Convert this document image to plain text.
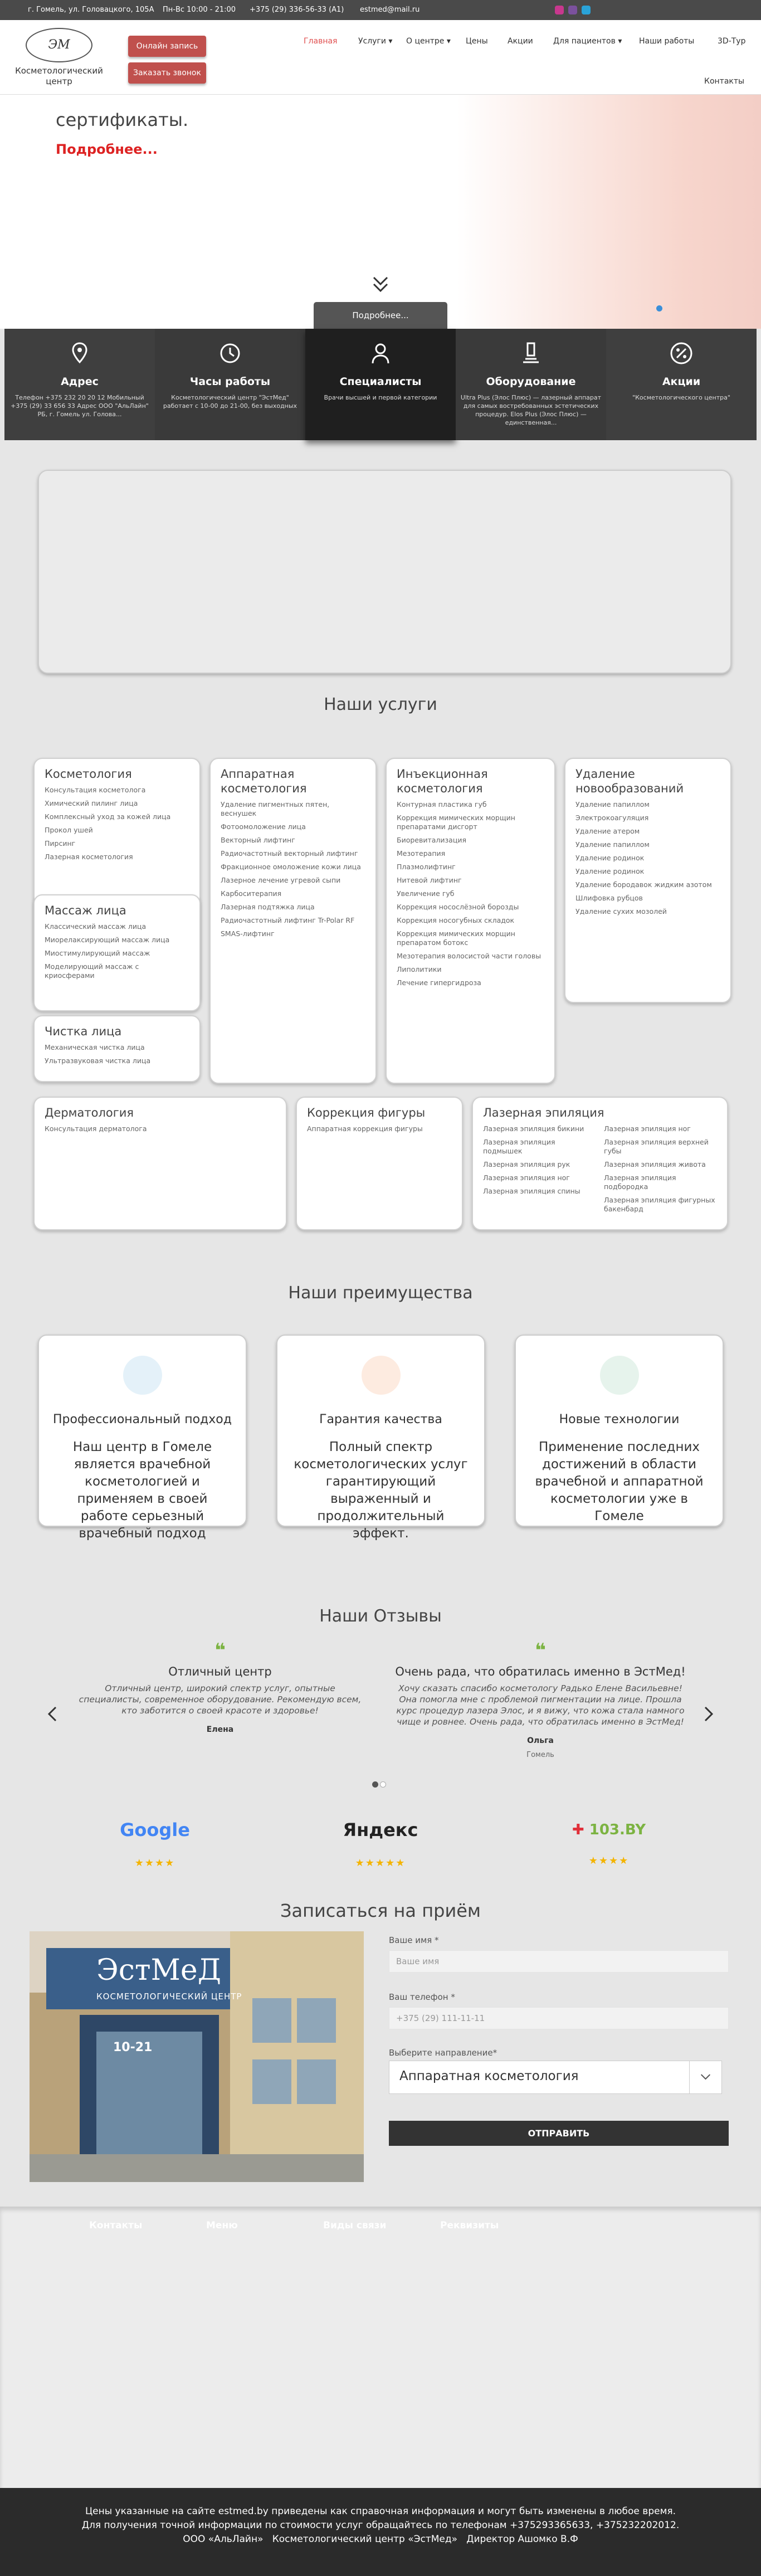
г. Гомель, ул. Головацкого, 105А Пн-Вс 10:00 - 21:00 +375 (29) 336-56-33 (A1) estmed@mail.ru
ЭМ
Косметологический центр
Онлайн запись
Заказать звонок
Главная	Услуги ▾ О центре ▾ Цены	Акции	Для пациентов ▾ Наши работы	3D-Тур
Контакты
сертификаты.
Подробнее...
Подробнее...
Адрес
Телефон +375 232 20 20 12 Мобильный +375 (29) 33 656 33 Адрес ООО "АльЛайн" РБ, г. Гомель ул. Голова...
Часы работы
Косметологический центр "ЭстМед" работает с 10-00 до 21-00, без выходных
Специалисты
Врачи высшей и первой категории
Оборудование
Ultra Plus (Элос Плюс) — лазерный аппарат для самых востребованных эстетических процедур. Elos Plus (Элос Плюс) — единственная...
Акции
"Косметологического центра"
Наши услуги
Косметология
Консультация косметолога
Химический пилинг лица
Комплексный уход за кожей лица
Прокол ушей
Пирсинг
Лазерная косметология
Массаж лица
Классический массаж лица
Миорелаксирующий массаж лица
Миостимулирующий массаж
Моделирующий массаж с криосферами
Чистка лица
Механическая чистка лица
Ультразвуковая чистка лица
Аппаратная косметология
Удаление пигментных пятен, веснушек
Фотоомоложение лица
Векторный лифтинг
Радиочастотный векторный лифтинг
Фракционное омоложение кожи лица
Лазерное лечение угревой сыпи
Карбоситерапия
Лазерная подтяжка лица
Радиочастотный лифтинг Tr-Polar RF
SMAS-лифтинг
Инъекционная косметология
Контурная пластика губ
Коррекция мимических морщин препаратами дисгорт
Биоревитализация
Мезотерапия
Плазмолифтинг
Нитевой лифтинг
Увеличение губ
Коррекция носослёзной борозды
Коррекция носогубных складок
Коррекция мимических морщин препаратом ботокс
Мезотерапия волосистой части головы
Липолитики
Лечение гипергидроза
Удаление новообразований
Удаление папиллом
Электрокоагуляция
Удаление атером
Удаление папиллом
Удаление родинок
Удаление родинок
Удаление бородавок жидким азотом
Шлифовка рубцов
Удаление сухих мозолей
Дерматология
Консультация дерматолога
Коррекция фигуры
Аппаратная коррекция фигуры
Лазерная эпиляция
Лазерная эпиляция бикини
Лазерная эпиляция подмышек
Лазерная эпиляция рук
Лазерная эпиляция ног
Лазерная эпиляция спины
Лазерная эпиляция ног
Лазерная эпиляция верхней губы
Лазерная эпиляция живота
Лазерная эпиляция подбородка
Лазерная эпиляция фигурных бакенбард
Наши преимущества
Профессиональный подход
Наш центр в Гомеле является врачебной косметологией и применяем в своей работе серьезный врачебный подход
Гарантия качества
Полный спектр косметологических услуг гарантирующий выраженный и продолжительный эффект.
Новые технологии
Применение последних достижений в области врачебной и аппаратной косметологии уже в Гомеле
Наши Отзывы
❝
Отличный центр
Отличный центр, широкий спектр услуг, опытные специалисты, современное оборудование. Рекомендую всем, кто заботится о своей красоте и здоровье!
Елена
❝
Очень рада, что обратилась именно в ЭстМед!
Хочу сказать спасибо косметологу Радько Елене Васильевне! Она помогла мне с проблемой пигментации на лице. Прошла курс процедур лазера Элос, и я вижу, что кожа стала намного чище и ровнее. Очень рада, что обратилась именно в ЭстМед!
Ольга
Гомель
Google
★★★★
Яндекс
★★★★★
✚ 103.BY
★★★★
Записаться на приём
ЭстМеД
КОСМЕТОЛОГИЧЕСКИЙ ЦЕНТР
10-21
Ваше имя *
Ваше имя
Ваш телефон *
+375 (29) 111-11-11
Выберите направление*
Аппаратная косметология
ОТПРАВИТЬ
Контакты	Меню	Виды связи	Реквизиты
Цены указанные на сайте estmed.by приведены как справочная информация и могут быть изменены в любое время.
Для получения точной информации по стоимости услуг обращайтесь по телефонам +375293365633, +375232202012.
ООО «АльЛайн»   Косметологический центр «ЭстМед»   Директор Ашомко В.Ф
